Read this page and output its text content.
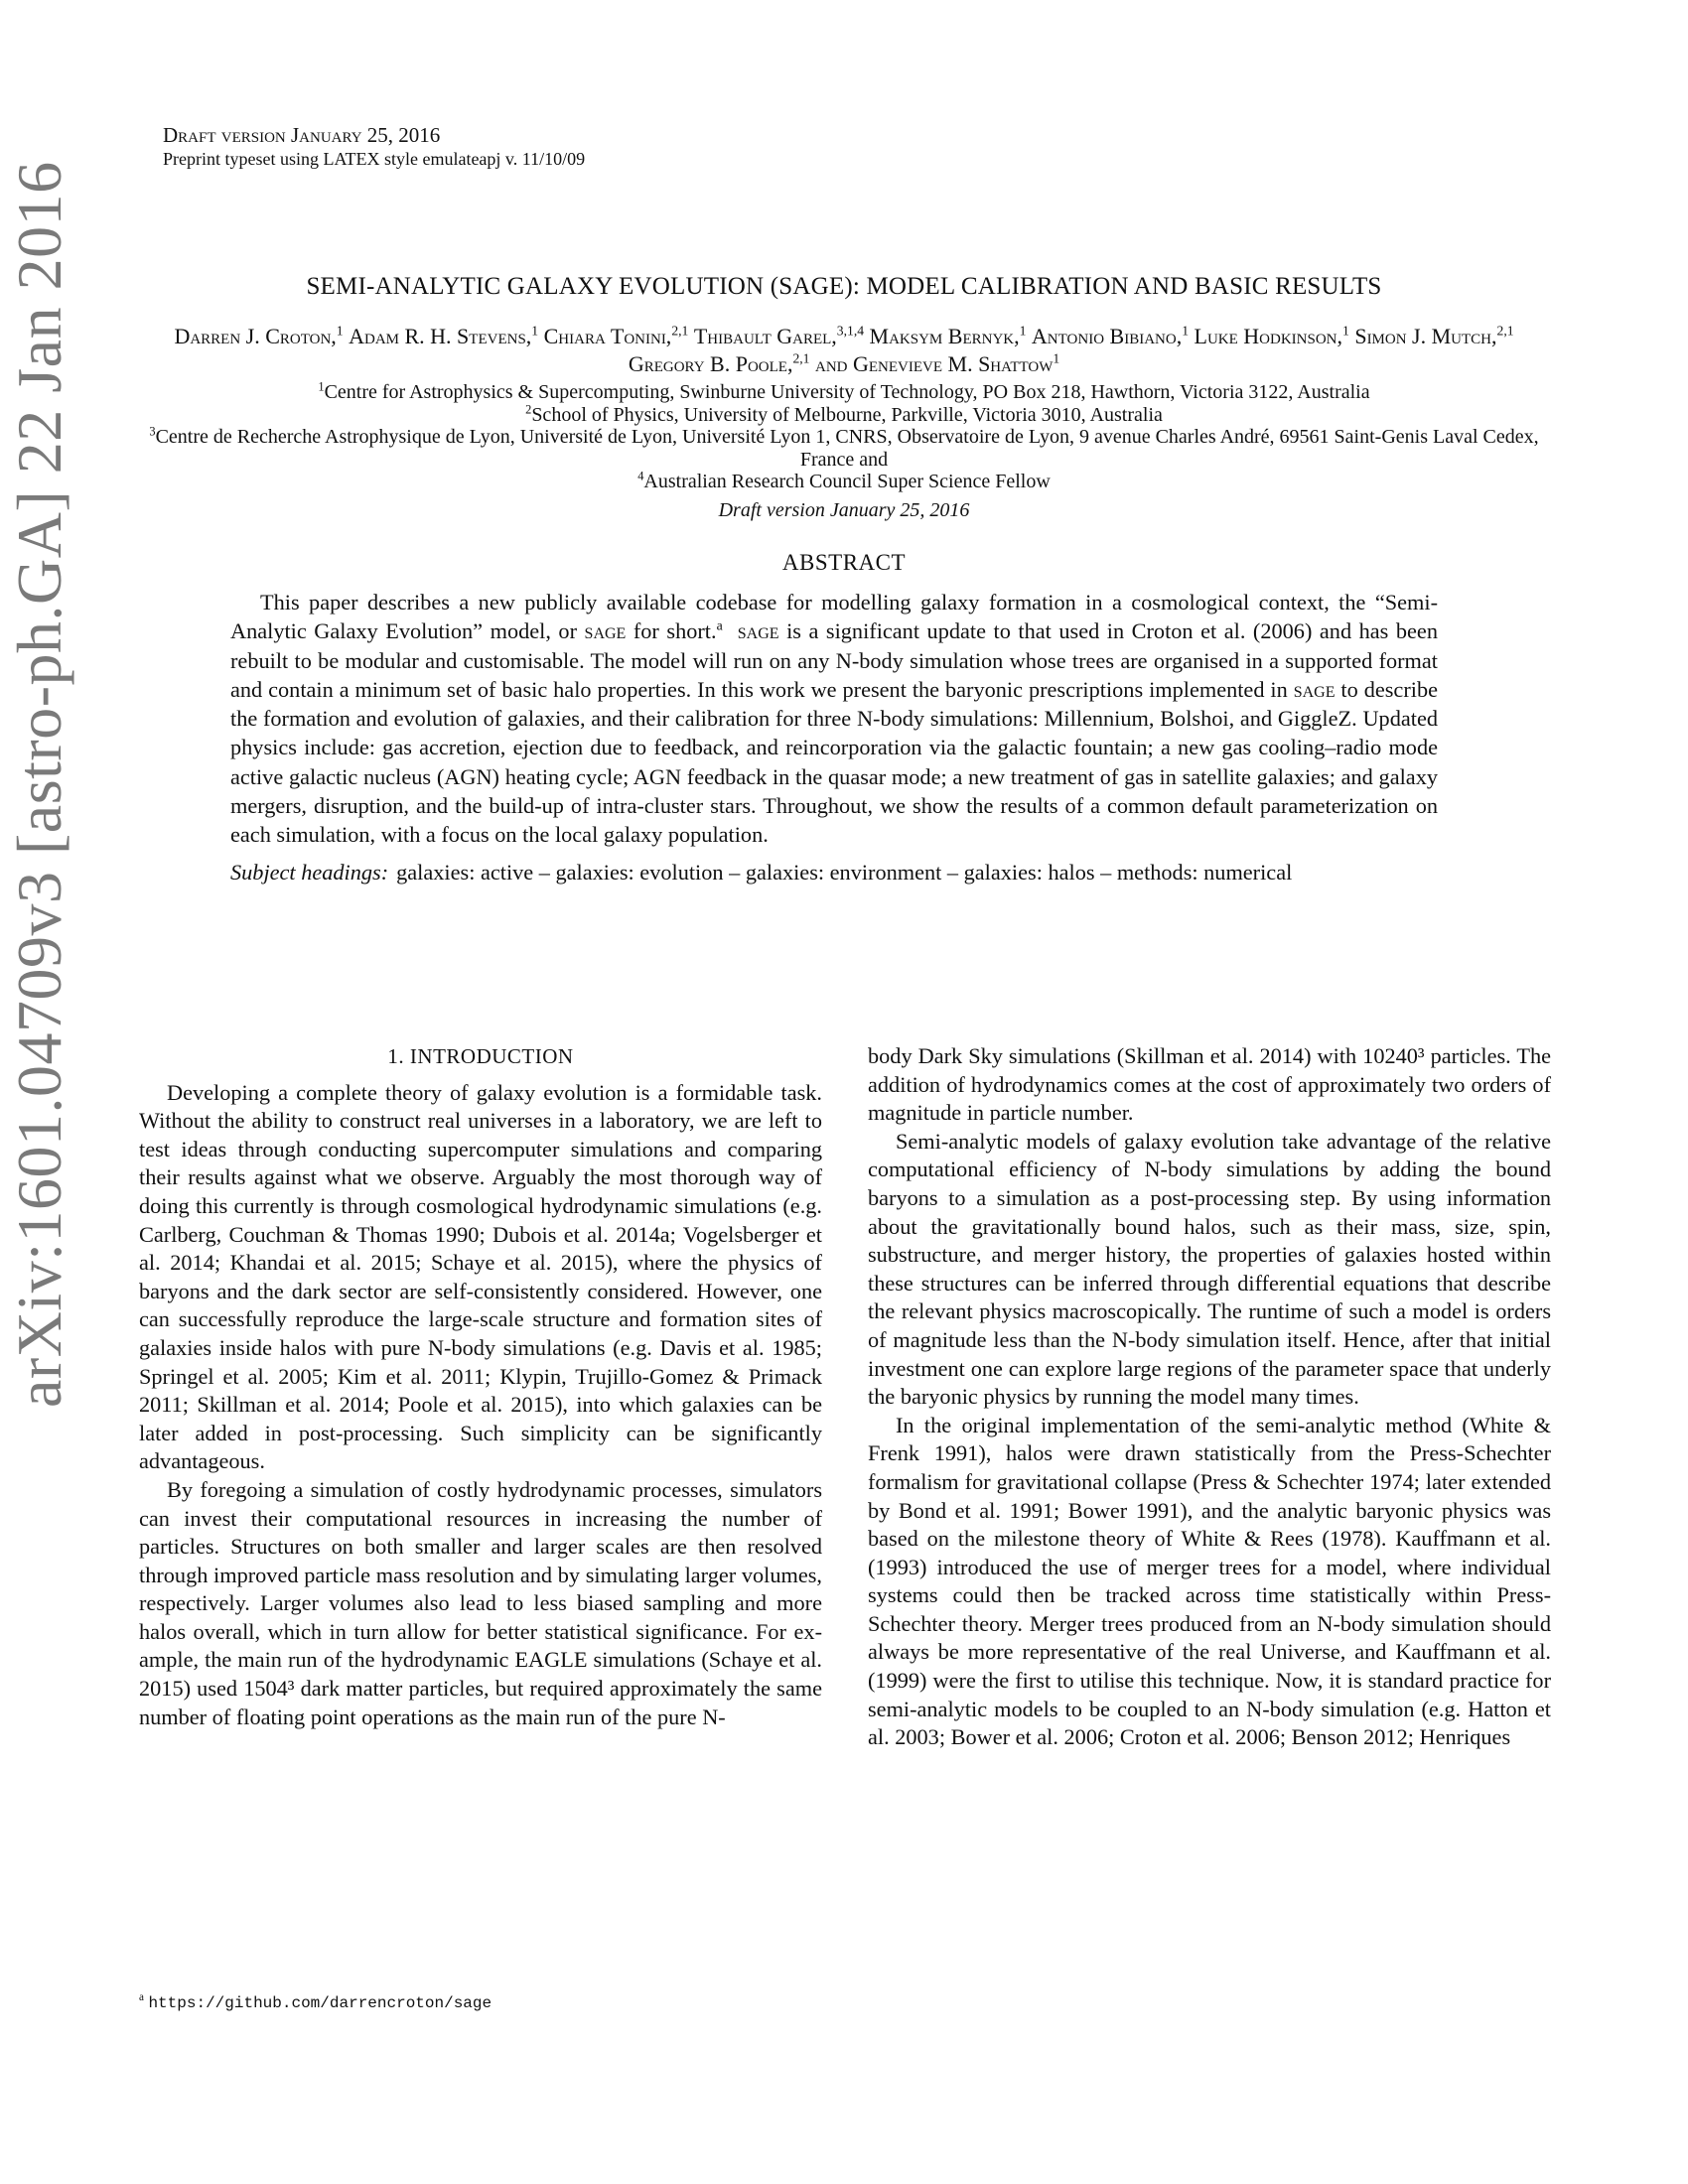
arXiv:1601.04709v3 [astro-ph.GA] 22 Jan 2016
Draft version January 25, 2016
Preprint typeset using LATEX style emulateapj v. 11/10/09
SEMI-ANALYTIC GALAXY EVOLUTION (SAGE): MODEL CALIBRATION AND BASIC RESULTS
Darren J. Croton,$^1$ Adam R. H. Stevens,$^1$ Chiara Tonini,$^{2,1}$ Thibault Garel,$^{3,1,4}$ Maksym Bernyk,$^1$ Antonio Bibiano,$^1$ Luke Hodkinson,$^1$ Simon J. Mutch,$^{2,1}$ Gregory B. Poole,$^{2,1}$ and Genevieve M. Shattow$^1$
$^1$Centre for Astrophysics & Supercomputing, Swinburne University of Technology, PO Box 218, Hawthorn, Victoria 3122, Australia
$^2$School of Physics, University of Melbourne, Parkville, Victoria 3010, Australia
$^3$Centre de Recherche Astrophysique de Lyon, Université de Lyon, Université Lyon 1, CNRS, Observatoire de Lyon, 9 avenue Charles André, 69561 Saint-Genis Laval Cedex, France and
$^4$Australian Research Council Super Science Fellow
Draft version January 25, 2016
ABSTRACT

This paper describes a new publicly available codebase for modelling galaxy formation in a cosmological context, the “Semi-Analytic Galaxy Evolution” model, or sage for short.$^a$ sage is a significant update to that used in Croton et al. (2006) and has been rebuilt to be modular and customisable. The model will run on any N-body simulation whose trees are organised in a supported format and contain a minimum set of basic halo properties. In this work we present the baryonic prescriptions implemented in sage to describe the formation and evolution of galaxies, and their calibration for three N-body simulations: Millennium, Bolshoi, and GiggleZ. Updated physics include: gas accretion, ejection due to feedback, and reincorporation via the galactic fountain; a new gas cooling–radio mode active galactic nucleus (AGN) heating cycle; AGN feedback in the quasar mode; a new treatment of gas in satellite galaxies; and galaxy mergers, disruption, and the build-up of intra-cluster stars. Throughout, we show the results of a common default parameterization on each simulation, with a focus on the local galaxy population.

Subject headings: galaxies: active – galaxies: evolution – galaxies: environment – galaxies: halos – methods: numerical
1. INTRODUCTION

Developing a complete theory of galaxy evolution is a formidable task. Without the ability to construct real universes in a laboratory, we are left to test ideas through conducting supercomputer simulations and comparing their results against what we observe. Arguably the most thorough way of doing this currently is through cosmological hydrodynamic simulations (e.g. Carlberg, Couchman & Thomas 1990; Dubois et al. 2014a; Vogelsberger et al. 2014; Khandai et al. 2015; Schaye et al. 2015), where the physics of baryons and the dark sector are self-consistently considered. However, one can successfully reproduce the large-scale structure and formation sites of galaxies inside halos with pure N-body simulations (e.g. Davis et al. 1985; Springel et al. 2005; Kim et al. 2011; Klypin, Trujillo-Gomez & Primack 2011; Skillman et al. 2014; Poole et al. 2015), into which galaxies can be later added in post-processing. Such simplicity can be significantly advantageous.

By foregoing a simulation of costly hydrodynamic processes, simulators can invest their computational resources in increasing the number of particles. Structures on both smaller and larger scales are then resolved through improved particle mass resolution and by simulating larger volumes, respectively. Larger volumes also lead to less biased sampling and more halos overall, which in turn allow for better statistical significance. For example, the main run of the hydrodynamic EAGLE simulations (Schaye et al. 2015) used 1504³ dark matter particles, but required approximately the same number of floating point operations as the main run of the pure N-

body Dark Sky simulations (Skillman et al. 2014) with 10240³ particles. The addition of hydrodynamics comes at the cost of approximately two orders of magnitude in particle number.

Semi-analytic models of galaxy evolution take advantage of the relative computational efficiency of N-body simulations by adding the bound baryons to a simulation as a post-processing step. By using information about the gravitationally bound halos, such as their mass, size, spin, substructure, and merger history, the properties of galaxies hosted within these structures can be inferred through differential equations that describe the relevant physics macroscopically. The runtime of such a model is orders of magnitude less than the N-body simulation itself. Hence, after that initial investment one can explore large regions of the parameter space that underly the baryonic physics by running the model many times.

In the original implementation of the semi-analytic method (White & Frenk 1991), halos were drawn statistically from the Press-Schechter formalism for gravitational collapse (Press & Schechter 1974; later extended by Bond et al. 1991; Bower 1991), and the analytic baryonic physics was based on the milestone theory of White & Rees (1978). Kauffmann et al. (1993) introduced the use of merger trees for a model, where individual systems could then be tracked across time statistically within Press-Schechter theory. Merger trees produced from an N-body simulation should always be more representative of the real Universe, and Kauffmann et al. (1999) were the first to utilise this technique. Now, it is standard practice for semi-analytic models to be coupled to an N-body simulation (e.g. Hatton et al. 2003; Bower et al. 2006; Croton et al. 2006; Benson 2012; Henriques

$^a$ https://github.com/darrencroton/sage
